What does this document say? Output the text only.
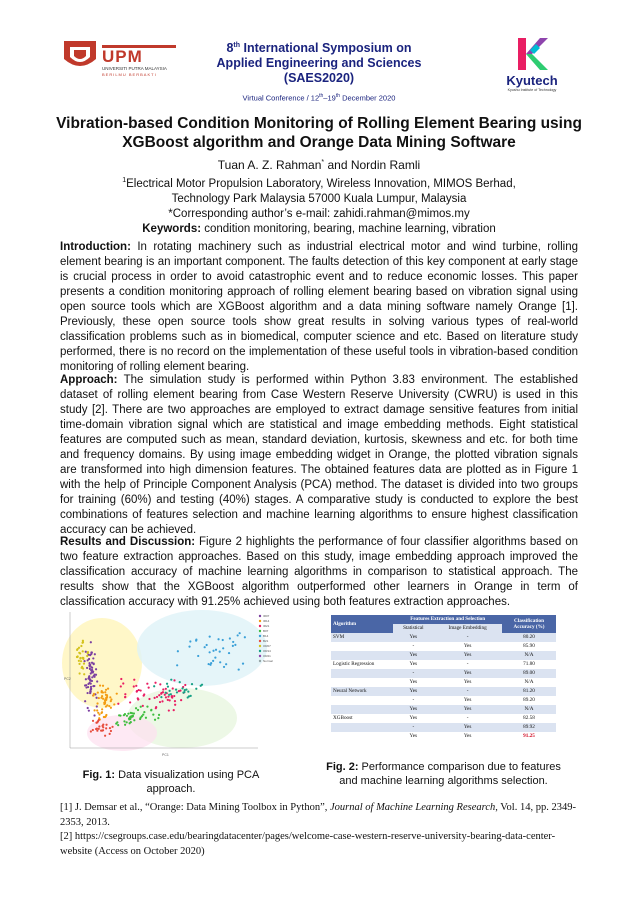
UPM
UNIVERSITI PUTRA MALAYSIA
BERILMU BERBAKTI
8th International Symposium on
Applied Engineering and Sciences (SAES2020)
Virtual Conference / 12th–19th December 2020
Kyutech
Kyushu Institute of Technology
Vibration-based Condition Monitoring of Rolling Element Bearing using
XGBoost algorithm and Orange Data Mining Software
Tuan A. Z. Rahman* and Nordin Ramli
$^1$Electrical Motor Propulsion Laboratory, Wireless Innovation, MIMOS Berhad,
Technology Park Malaysia 57000 Kuala Lumpur, Malaysia
*Corresponding author’s e-mail: zahidi.rahman@mimos.my
Keywords: condition monitoring, bearing, machine learning, vibration
Introduction: In rotating machinery such as industrial electrical motor and wind turbine, rolling element bearing is an important component. The faults detection of this key component at early stage is crucial process in order to avoid catastrophic event and to reduce economic losses. This paper presents a condition monitoring approach of rolling element bearing based on vibration signal using open source tools which are XGBoost algorithm and a data mining software namely Orange [1]. Previously, these open source tools show great results in solving various types of real-world classification problems such as in biomedical, computer science and etc. Based on literature study performed, there is no record on the implementation of these useful tools in vibration-based condition monitoring of rolling element bearing.
Approach: The simulation study is performed within Python 3.83 environment. The established dataset of rolling element bearing from Case Western Reserve University (CWRU) is used in this study [2]. There are two approaches are employed to extract damage sensitive features from initial time-domain vibration signal which are statistical and image embedding methods. Eight statistical features are computed such as mean, standard deviation, kurtosis, skewness and etc. for both time and frequency domains. By using image embedding widget in Orange, the plotted vibration signals are transformed into high dimension features. The obtained features data are plotted as in Figure 1 with the help of Principle Component Analysis (PCA) method. The dataset is divided into two groups for training (60%) and testing (40%) stages. A comparative study is conducted to explore the best combinations of features selection and machine learning algorithms to ensure highest classification accuracy can be achieved.
Results and Discussion: Figure 2 highlights the performance of four classifier algorithms based on two feature extraction approaches. Based on this study, image embedding approach improved the classification accuracy of machine learning algorithms in comparison to statistical approach. The results show that the XGBoost algorithm outperformed other learners in Orange in term of classification accuracy with 91.25% achieved using both features extraction approaches.
PC1
PC2
IR07
IR14
IR21
B07
B14
B21
OR07
OR14
OR21
Normal
Fig. 1: Data visualization using PCA approach.
Algorithm	Features Extraction and Selection		Classification Accuracy (%)
	Statistical	Image Embedding	
SVM	Yes	-	80.20
	-	Yes	85.90
	Yes	Yes	N/A
Logistic Regression	Yes	-	71.80
	-	Yes	89.00
	Yes	Yes	N/A
Neural Network	Yes	-	81.20
	-	Yes	89.20
	Yes	Yes	N/A
XGBoost	Yes	-	82.58
	-	Yes	89.92
	Yes	Yes	91.25
Fig. 2: Performance comparison due to features and machine learning algorithms selection.
[1] J. Demsar et al., “Orange: Data Mining Toolbox in Python”, Journal of Machine Learning Research, Vol. 14, pp. 2349-2353, 2013.
[2] https://csegroups.case.edu/bearingdatacenter/pages/welcome-case-western-reserve-university-bearing-data-center-website (Access on October 2020)
